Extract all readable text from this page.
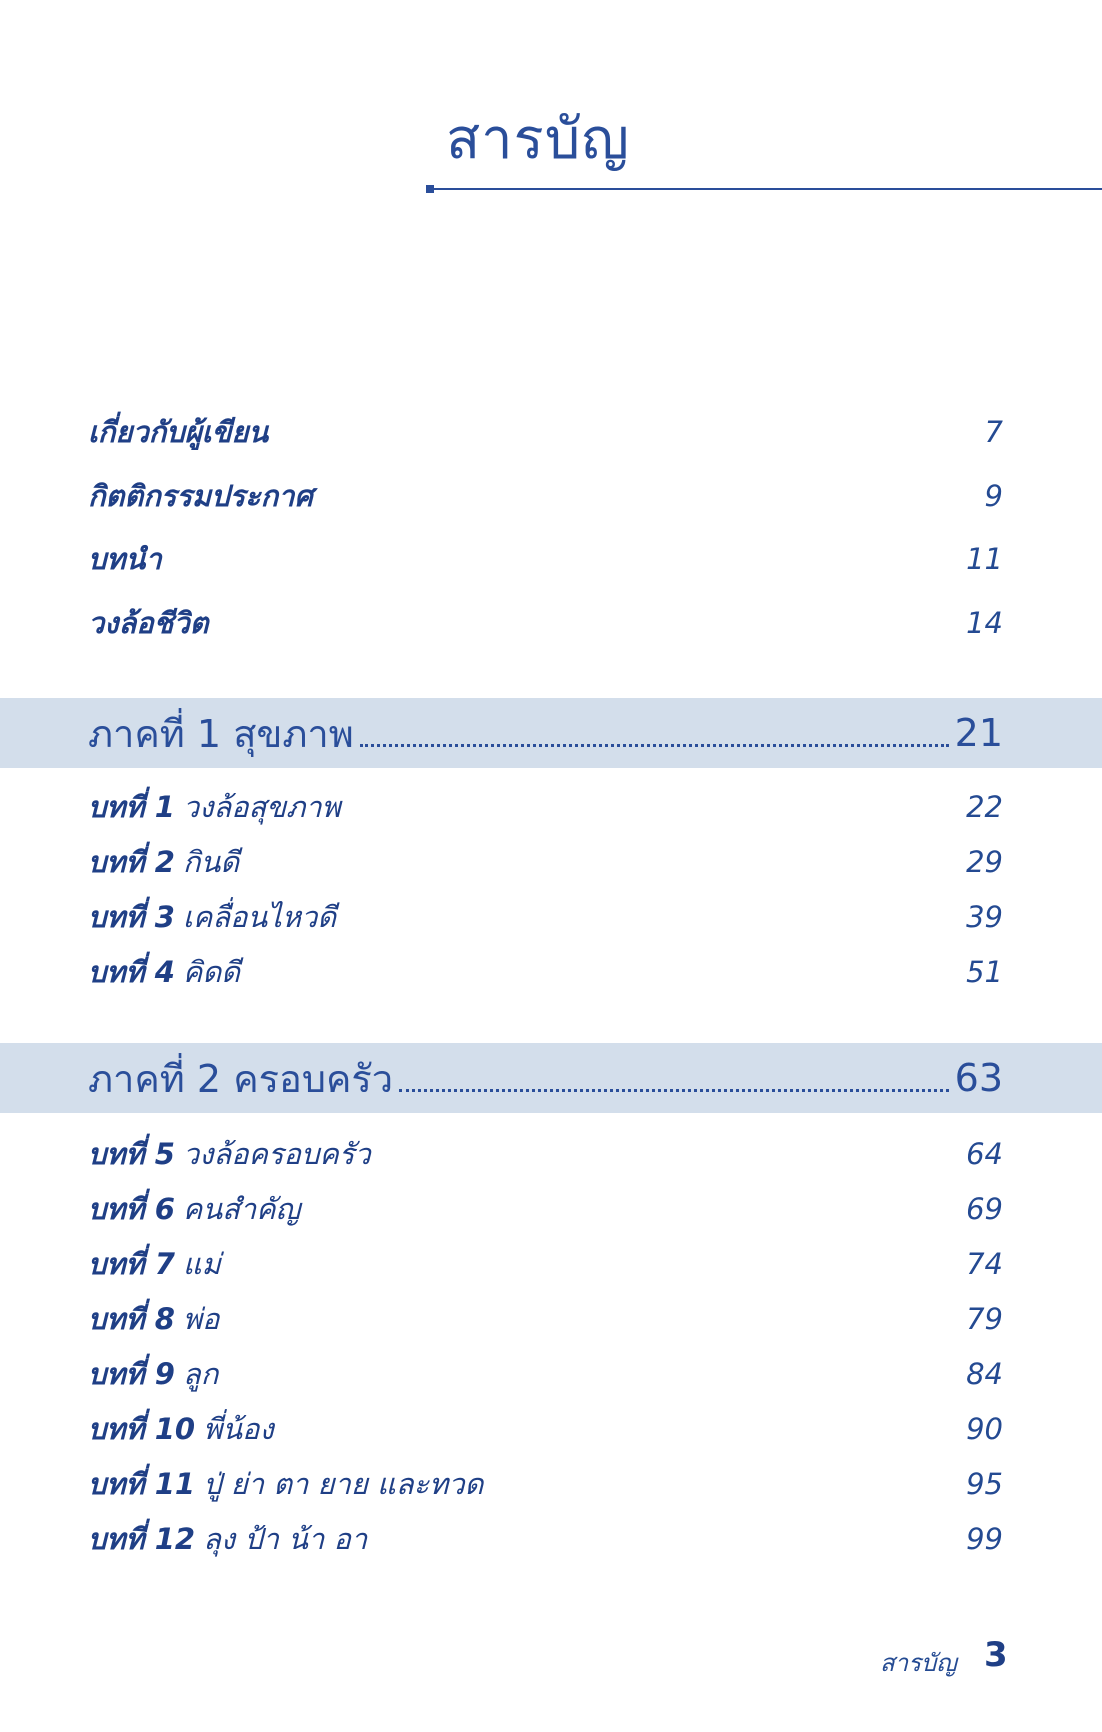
สารบัญ
เกี่ยวกับผู้เขียน	7
กิตติกรรมประกาศ	9
บทนำ	11
วงล้อชีวิต	14
ภาคที่ 1 สุขภาพ	21
บทที่ 1 วงล้อสุขภาพ	22
บทที่ 2 กินดี	29
บทที่ 3 เคลื่อนไหวดี	39
บทที่ 4 คิดดี	51
ภาคที่ 2 ครอบครัว	63
บทที่ 5 วงล้อครอบครัว	64
บทที่ 6 คนสำคัญ	69
บทที่ 7 แม่	74
บทที่ 8 พ่อ	79
บทที่ 9 ลูก	84
บทที่ 10 พี่น้อง	90
บทที่ 11 ปู่ ย่า ตา ยาย และทวด	95
บทที่ 12 ลุง ป้า น้า อา	99
สารบัญ 3
